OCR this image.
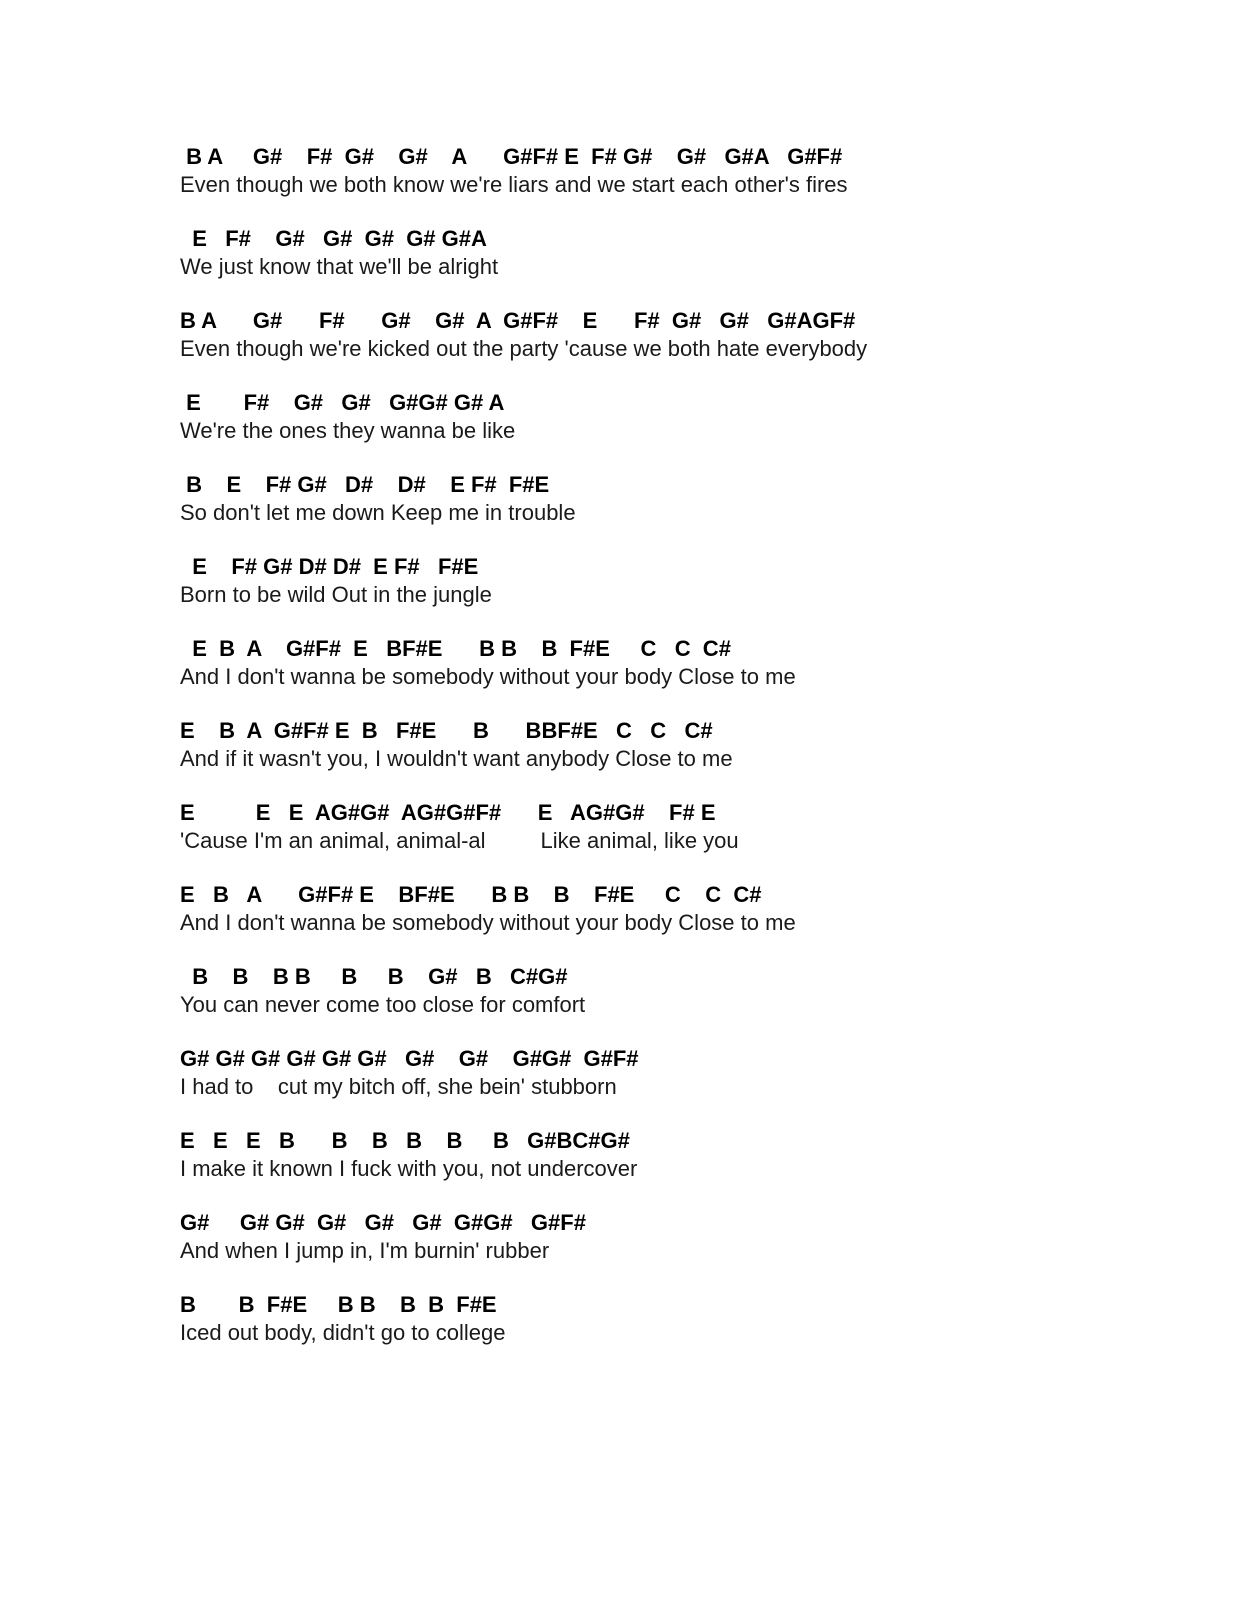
B A     G#    F#  G#    G#    A      G#F# E  F# G#    G#   G#A   G#F#
Even though we both know we're liars and we start each other's fires
E   F#    G#   G#  G#  G# G#A
We just know that we'll be alright
B A      G#      F#      G#    G#  A  G#F#    E      F#  G#   G#   G#AGF#
Even though we're kicked out the party 'cause we both hate everybody
E       F#    G#   G#   G#G# G# A
We're the ones they wanna be like
B    E    F# G#   D#    D#    E F#  F#E
So don't let me down Keep me in trouble
E    F# G# D# D#  E F#   F#E
Born to be wild Out in the jungle
E  B  A    G#F#  E   BF#E      B B    B  F#E     C   C  C#
And I don't wanna be somebody without your body Close to me
E    B  A  G#F# E  B   F#E      B      BBF#E   C   C   C#
And if it wasn't you, I wouldn't want anybody Close to me
E          E   E  AG#G#  AG#G#F#      E   AG#G#    F# E
'Cause I'm an animal, animal-al         Like animal, like you
E   B   A      G#F# E    BF#E      B B    B    F#E     C    C  C#
And I don't wanna be somebody without your body Close to me
B    B    B B     B     B    G#   B   C#G#
You can never come too close for comfort
G# G# G# G# G# G#   G#    G#    G#G#  G#F#
I had to    cut my bitch off, she bein' stubborn
E   E   E   B      B    B   B    B     B   G#BC#G#
I make it known I fuck with you, not undercover
G#     G# G#  G#   G#   G#  G#G#   G#F#
And when I jump in, I'm burnin' rubber
B       B  F#E     B B    B  B  F#E
Iced out body, didn't go to college
